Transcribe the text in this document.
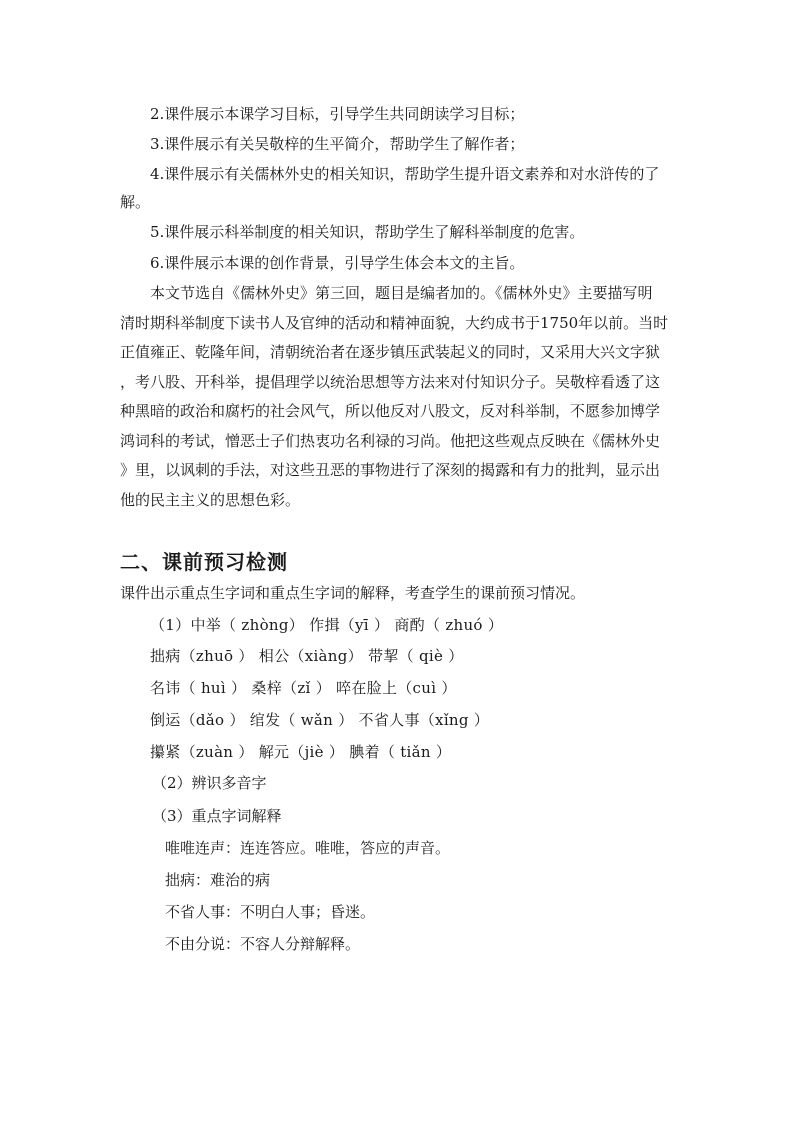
2.课件展示本课学习目标，引导学生共同朗读学习目标；
3.课件展示有关吴敬梓的生平简介，帮助学生了解作者；
4.课件展示有关儒林外史的相关知识，帮助学生提升语文素养和对水浒传的了
解。
5.课件展示科举制度的相关知识，帮助学生了解科举制度的危害。
6.课件展示本课的创作背景，引导学生体会本文的主旨。
本文节选自《儒林外史》第三回，题目是编者加的。《儒林外史》主要描写明
清时期科举制度下读书人及官绅的活动和精神面貌，大约成书于1750年以前。当时
正值雍正、乾隆年间，清朝统治者在逐步镇压武装起义的同时，又采用大兴文字狱
，考八股、开科举，提倡理学以统治思想等方法来对付知识分子。吴敬梓看透了这
种黑暗的政治和腐朽的社会风气，所以他反对八股文，反对科举制，不愿参加博学
鸿词科的考试，憎恶士子们热衷功名利禄的习尚。他把这些观点反映在《儒林外史
》里，以讽刺的手法，对这些丑恶的事物进行了深刻的揭露和有力的批判，显示出
他的民主主义的思想色彩。
二、课前预习检测
课件出示重点生字词和重点生字词的解释，考查学生的课前预习情况。
（1）中举（ zhòng） 作揖（yī ） 商酌（ zhuó ）
拙病（zhuō ） 相公（xiàng） 带挈（ qiè ）
名讳（ huì ） 桑梓（zǐ ） 啐在脸上（cuì ）
倒运（dǎo ） 绾发（ wǎn ） 不省人事（xǐng ）
攥紧（zuàn ） 解元（jiè ） 腆着（ tiǎn ）
（2）辨识多音字
（3）重点字词解释
唯唯连声：连连答应。唯唯，答应的声音。
拙病：难治的病
不省人事：不明白人事；昏迷。
不由分说：不容人分辩解释。
